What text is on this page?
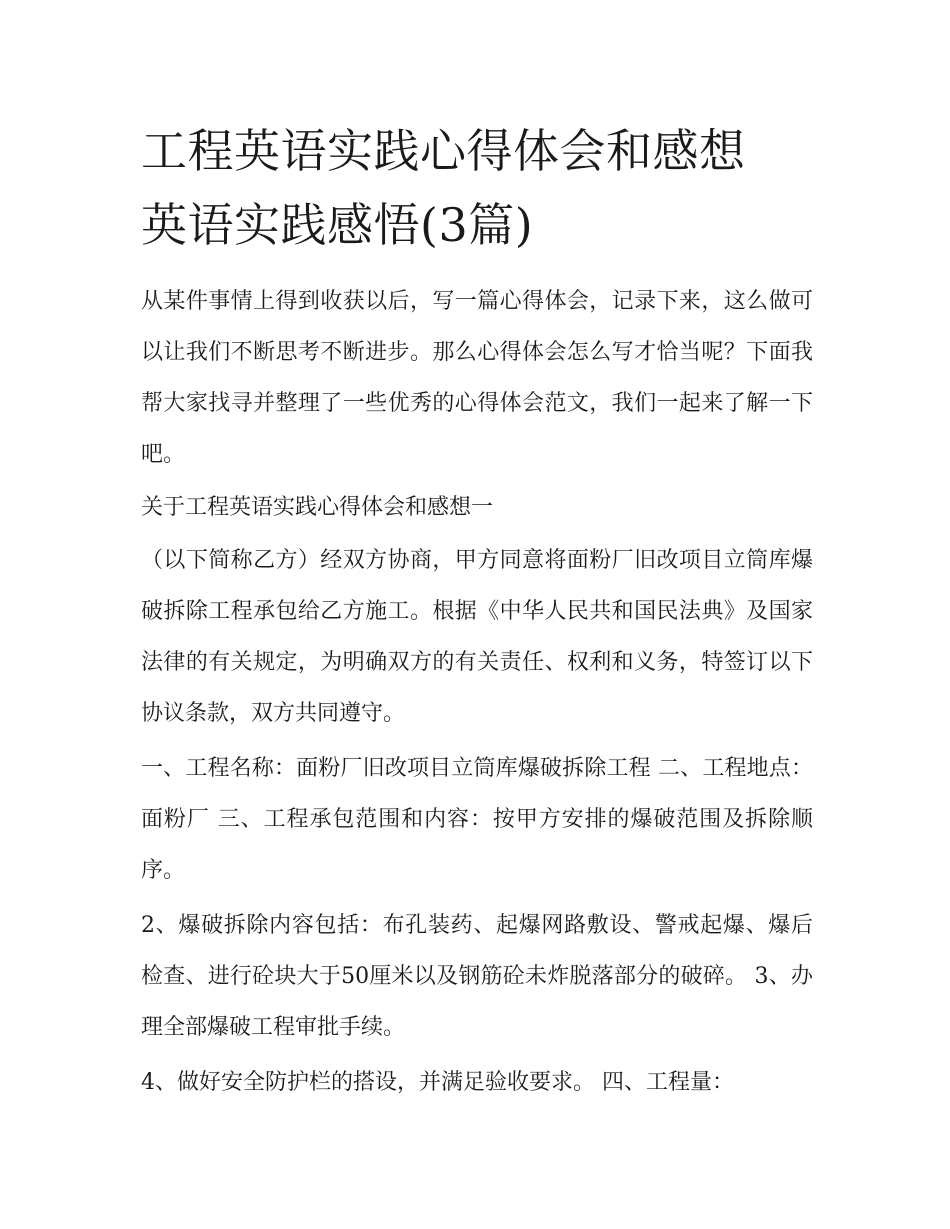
工程英语实践心得体会和感想
英语实践感悟(3篇)

从某件事情上得到收获以后，写一篇心得体会，记录下来，这么做可以让我们不断思考不断进步。那么心得体会怎么写才恰当呢？下面我帮大家找寻并整理了一些优秀的心得体会范文，我们一起来了解一下吧。

关于工程英语实践心得体会和感想一

（以下简称乙方）经双方协商，甲方同意将面粉厂旧改项目立筒库爆破拆除工程承包给乙方施工。根据《中华人民共和国民法典》及国家法律的有关规定，为明确双方的有关责任、权利和义务，特签订以下协议条款，双方共同遵守。

一、工程名称：面粉厂旧改项目立筒库爆破拆除工程 二、工程地点：面粉厂 三、工程承包范围和内容：按甲方安排的爆破范围及拆除顺序。

2、爆破拆除内容包括：布孔装药、起爆网路敷设、警戒起爆、爆后检查、进行砼块大于50厘米以及钢筋砼未炸脱落部分的破碎。 3、办理全部爆破工程审批手续。

4、做好安全防护栏的搭设，并满足验收要求。 四、工程量：
